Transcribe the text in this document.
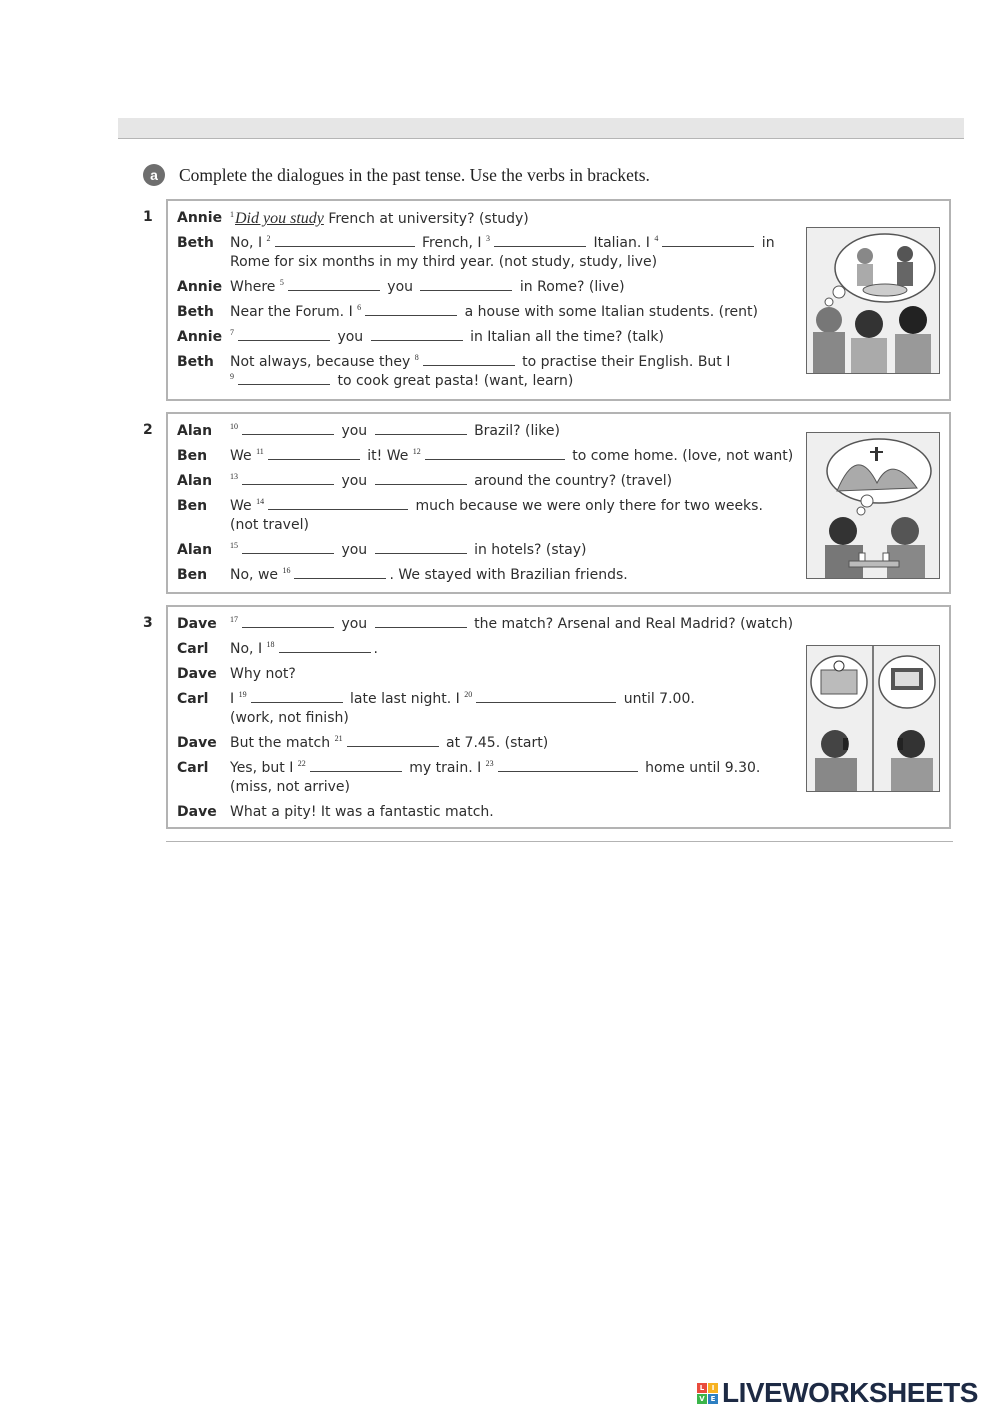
a	Complete the dialogues in the past tense. Use the verbs in brackets.
1 Annie $^1$Did you study French at university? (study)
Beth No, I $^2$	French, I $^3$	Italian. I $^4$	in
Rome for six months in my third year. (not study, study, live)
Annie Where $^5$	you	in Rome? (live)
Beth Near the Forum. I $^6$	a house with some Italian students. (rent)
Annie $^7$	you	in Italian all the time? (talk)
Beth Not always, because they $^8$	to practise their English. But I
$^9$	to cook great pasta! (want, learn)
2 Alan $^{10}$	you	Brazil? (like)
Ben We $^{11}$	it! We $^{12}$	to come home. (love, not want)
Alan $^{13}$	you	around the country? (travel)
Ben We $^{14}$	much because we were only there for two weeks.
(not travel)
Alan $^{15}$	you	in hotels? (stay)
Ben No, we $^{16}$	. We stayed with Brazilian friends.
3 Dave $^{17}$	you	the match? Arsenal and Real Madrid? (watch)
Carl No, I $^{18}$	.
Dave Why not?
Carl I $^{19}$	late last night. I $^{20}$	until 7.00.
(work, not finish)
Dave But the match $^{21}$	at 7.45. (start)
Carl Yes, but I $^{22}$	my train. I $^{23}$	home until 9.30.
(miss, not arrive)
Dave What a pity! It was a fantastic match.
L	I
V E LIVEWORKSHEETS
